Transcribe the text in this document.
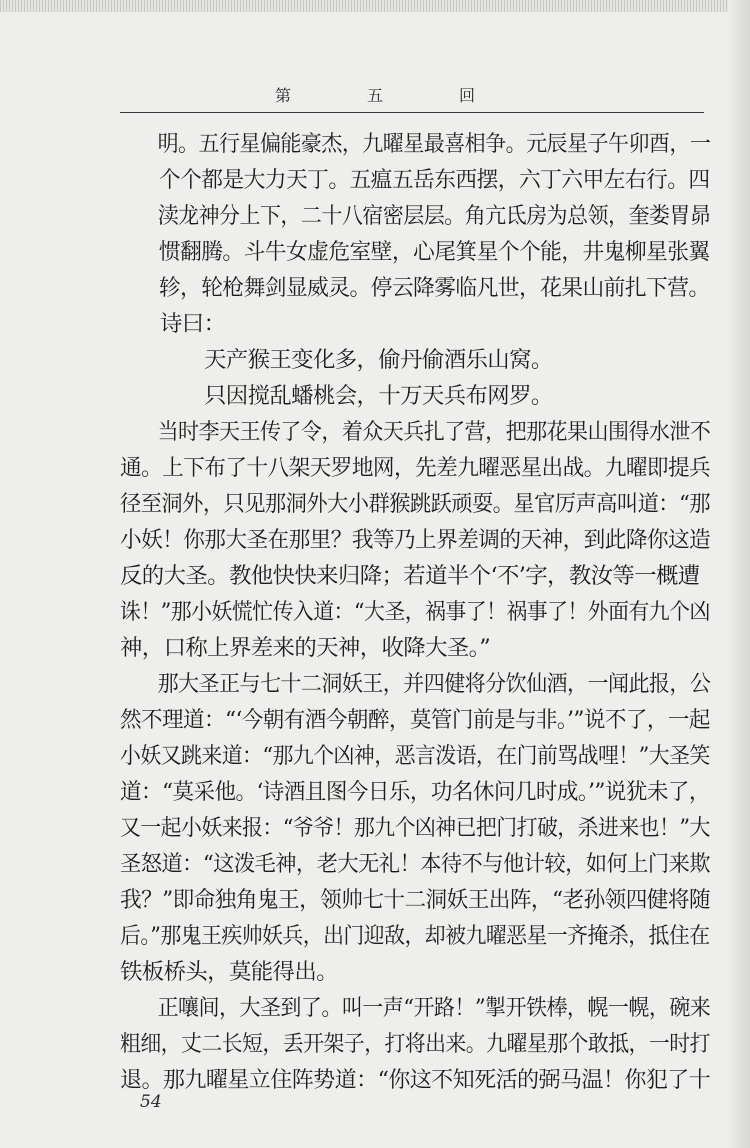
第　五　回
明。五行星偏能豪杰，九曜星最喜相争。元辰星子午卯酉，一
个个都是大力天丁。五瘟五岳东西摆，六丁六甲左右行。四
渎龙神分上下，二十八宿密层层。角亢氐房为总领，奎娄胃昴
惯翻腾。斗牛女虚危室壁，心尾箕星个个能，井鬼柳星张翼
轸，轮枪舞剑显威灵。停云降雾临凡世，花果山前扎下营。
诗曰：
天产猴王变化多，偷丹偷酒乐山窝。
只因搅乱蟠桃会，十万天兵布网罗。
当时李天王传了令，着众天兵扎了营，把那花果山围得水泄不
通。上下布了十八架天罗地网，先差九曜恶星出战。九曜即提兵
径至洞外，只见那洞外大小群猴跳跃顽耍。星官厉声高叫道：“那
小妖！你那大圣在那里？我等乃上界差调的天神，到此降你这造
反的大圣。教他快快来归降；若道半个‘不’字，教汝等一概遭
诛！”那小妖慌忙传入道：“大圣，祸事了！祸事了！外面有九个凶
神，口称上界差来的天神，收降大圣。”
那大圣正与七十二洞妖王，并四健将分饮仙酒，一闻此报，公
然不理道：“‘今朝有酒今朝醉，莫管门前是与非。’”说不了，一起
小妖又跳来道：“那九个凶神，恶言泼语，在门前骂战哩！”大圣笑
道：“莫采他。‘诗酒且图今日乐，功名休问几时成。’”说犹未了，
又一起小妖来报：“爷爷！那九个凶神已把门打破，杀进来也！”大
圣怒道：“这泼毛神，老大无礼！本待不与他计较，如何上门来欺
我？”即命独角鬼王，领帅七十二洞妖王出阵，“老孙领四健将随
后。”那鬼王疾帅妖兵，出门迎敌，却被九曜恶星一齐掩杀，抵住在
铁板桥头，莫能得出。
正嚷间，大圣到了。叫一声“开路！”掣开铁棒，幌一幌，碗来
粗细，丈二长短，丢开架子，打将出来。九曜星那个敢抵，一时打
退。那九曜星立住阵势道：“你这不知死活的弼马温！你犯了十
54
